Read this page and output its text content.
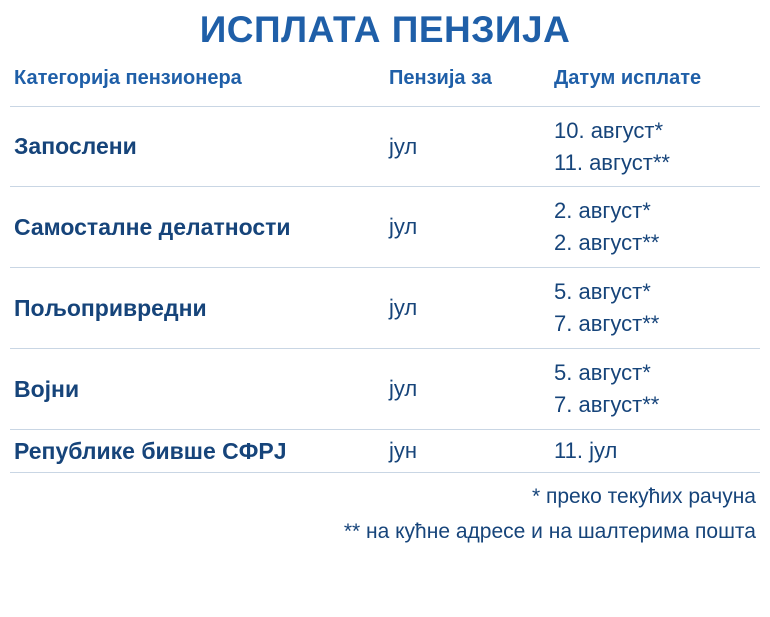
ИСПЛАТА ПЕНЗИЈА
Категорија пензионера	Пензија за	Датум исплате
Запослени	јул	10. август*
11. август**

Самосталне делатности	јул	2. август*
2. август**

Пољопривредни	јул	5. август*
7. август**

Војни	јул	5. август*
7. август**

Републике бивше СФРЈ	јун	11. јул
* преко текућих рачуна
** на кућне адресе и на шалтерима пошта
